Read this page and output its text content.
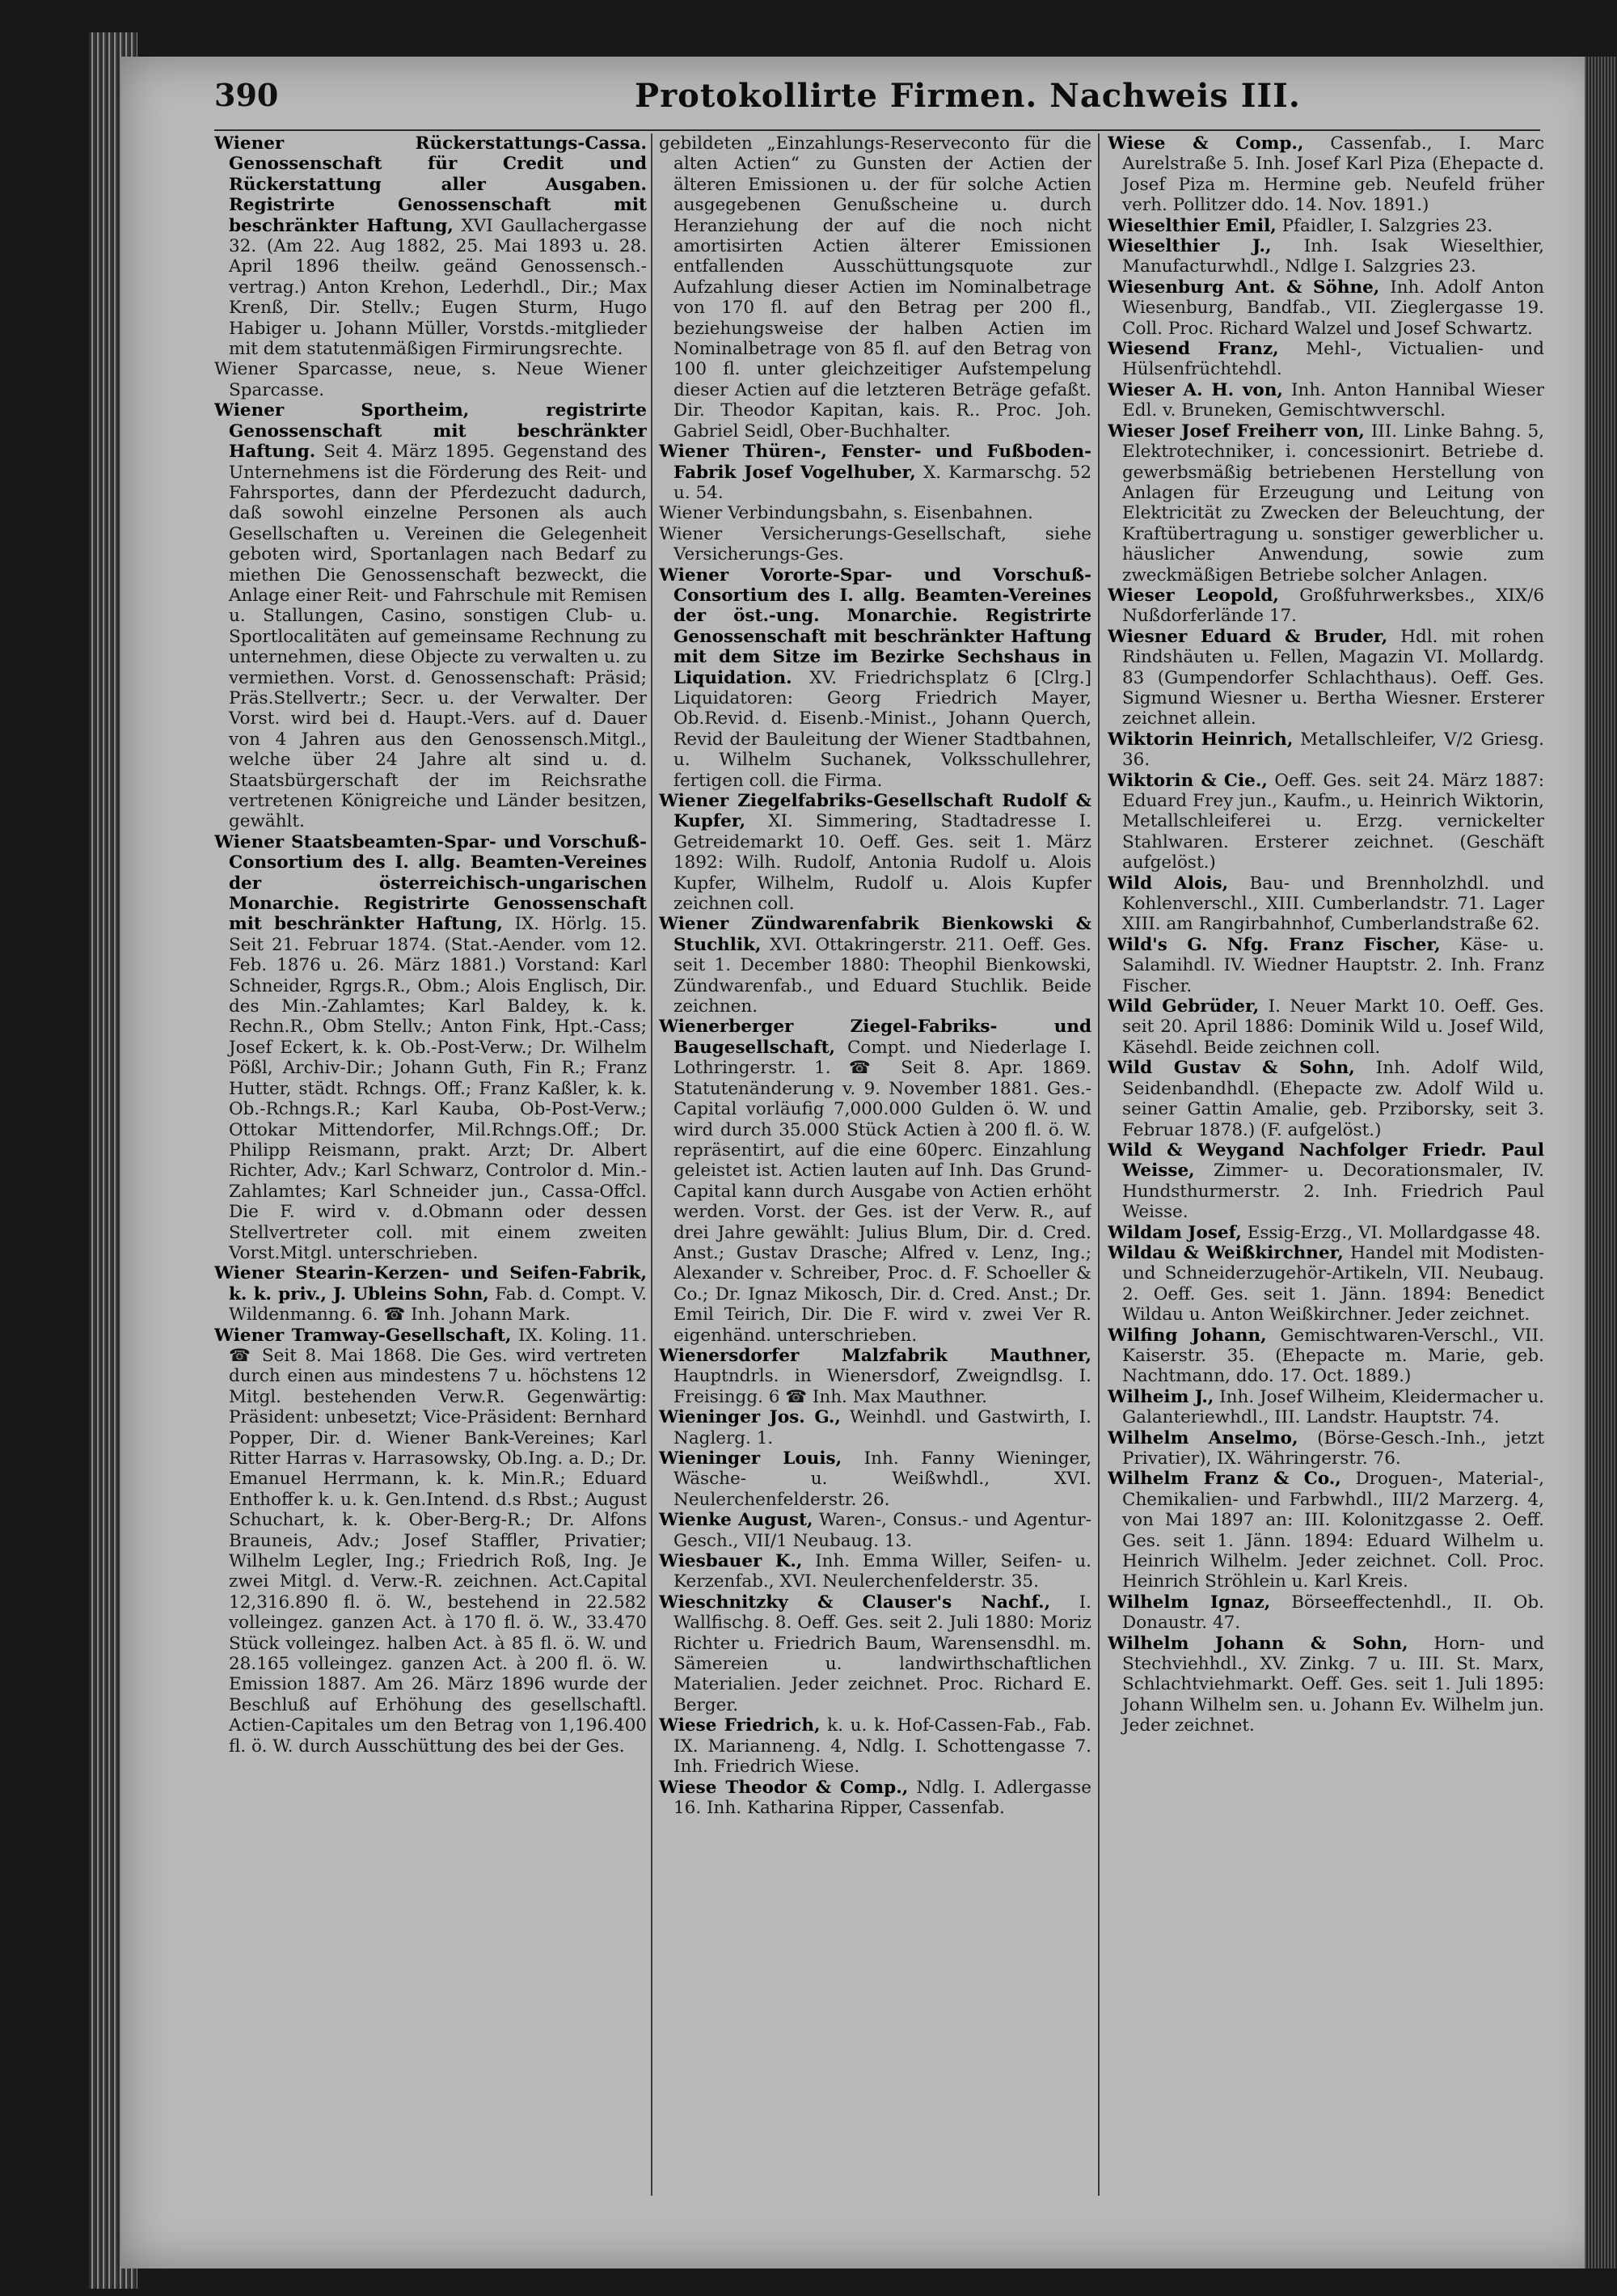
390	Protokollirte Firmen. Nachweis III.

Wiener Rückerstattungs-Cassa. Genossenschaft für Credit und Rückerstattung aller Ausgaben. Registrirte Genossenschaft mit beschränkter Haftung, XVI Gaullachergasse 32. (Am 22. Aug 1882, 25. Mai 1893 u. 28. April 1896 theilw. geänd Genossensch.-vertrag.) Anton Krehon, Lederhdl., Dir.; Max Krenß, Dir. Stellv.; Eugen Sturm, Hugo Habiger u. Johann Müller, Vorstds.-mitglieder mit dem statutenmäßigen Firmirungsrechte.

Wiener Sparcasse, neue, s. Neue Wiener Sparcasse.

Wiener Sportheim, registrirte Genossenschaft mit beschränkter Haftung. Seit 4. März 1895. Gegenstand des Unternehmens ist die Förderung des Reit- und Fahrsportes, dann der Pferdezucht dadurch, daß sowohl einzelne Personen als auch Gesellschaften u. Vereinen die Gelegenheit geboten wird, Sportanlagen nach Bedarf zu miethen Die Genossenschaft bezweckt, die Anlage einer Reit- und Fahrschule mit Remisen u. Stallungen, Casino, sonstigen Club- u. Sportlocalitäten auf gemeinsame Rechnung zu unternehmen, diese Objecte zu verwalten u. zu vermiethen. Vorst. d. Genossenschaft: Präsid; Präs.Stellvertr.; Secr. u. der Verwalter. Der Vorst. wird bei d. Haupt.-Vers. auf d. Dauer von 4 Jahren aus den Genossensch.Mitgl., welche über 24 Jahre alt sind u. d. Staatsbürgerschaft der im Reichsrathe vertretenen Königreiche und Länder besitzen, gewählt.

Wiener Staatsbeamten-Spar- und Vorschuß-Consortium des I. allg. Beamten-Vereines der österreichisch-ungarischen Monarchie. Registrirte Genossenschaft mit beschränkter Haftung, IX. Hörlg. 15. Seit 21. Februar 1874. (Stat.-Aender. vom 12. Feb. 1876 u. 26. März 1881.) Vorstand: Karl Schneider, Rgrgs.R., Obm.; Alois Englisch, Dir. des Min.-Zahlamtes; Karl Baldey, k. k. Rechn.R., Obm Stellv.; Anton Fink, Hpt.-Cass; Josef Eckert, k. k. Ob.-Post-Verw.; Dr. Wilhelm Pößl, Archiv-Dir.; Johann Guth, Fin R.; Franz Hutter, städt. Rchngs. Off.; Franz Kaßler, k. k. Ob.-Rchngs.R.; Karl Kauba, Ob-Post-Verw.; Ottokar Mittendorfer, Mil.Rchngs.Off.; Dr. Philipp Reismann, prakt. Arzt; Dr. Albert Richter, Adv.; Karl Schwarz, Controlor d. Min.-Zahlamtes; Karl Schneider jun., Cassa-Offcl. Die F. wird v. d.Obmann oder dessen Stellvertreter coll. mit einem zweiten Vorst.Mitgl. unterschrieben.

Wiener Stearin-Kerzen- und Seifen-Fabrik, k. k. priv., J. Ubleins Sohn, Fab. d. Compt. V. Wildenmanng. 6. ☎ Inh. Johann Mark.

Wiener Tramway-Gesellschaft, IX. Koling. 11. ☎ Seit 8. Mai 1868. Die Ges. wird vertreten durch einen aus mindestens 7 u. höchstens 12 Mitgl. bestehenden Verw.R. Gegenwärtig: Präsident: unbesetzt; Vice-Präsident: Bernhard Popper, Dir. d. Wiener Bank-Vereines; Karl Ritter Harras v. Harrasowsky, Ob.Ing. a. D.; Dr. Emanuel Herrmann, k. k. Min.R.; Eduard Enthoffer k. u. k. Gen.Intend. d.s Rbst.; August Schuchart, k. k. Ober-Berg-R.; Dr. Alfons Brauneis, Adv.; Josef Staffler, Privatier; Wilhelm Legler, Ing.; Friedrich Roß, Ing. Je zwei Mitgl. d. Verw.-R. zeichnen. Act.Capital 12,316.890 fl. ö. W., bestehend in 22.582 volleingez. ganzen Act. à 170 fl. ö. W., 33.470 Stück volleingez. halben Act. à 85 fl. ö. W. und 28.165 volleingez. ganzen Act. à 200 fl. ö. W. Emission 1887. Am 26. März 1896 wurde der Beschluß auf Erhöhung des gesellschaftl. Actien-Capitales um den Betrag von 1,196.400 fl. ö. W. durch Ausschüttung des bei der Ges.

gebildeten „Einzahlungs-Reserveconto für die alten Actien“ zu Gunsten der Actien der älteren Emissionen u. der für solche Actien ausgegebenen Genußscheine u. durch Heranziehung der auf die noch nicht amortisirten Actien älterer Emissionen entfallenden Ausschüttungsquote zur Aufzahlung dieser Actien im Nominalbetrage von 170 fl. auf den Betrag per 200 fl., beziehungsweise der halben Actien im Nominalbetrage von 85 fl. auf den Betrag von 100 fl. unter gleichzeitiger Aufstempelung dieser Actien auf die letzteren Beträge gefaßt. Dir. Theodor Kapitan, kais. R.. Proc. Joh. Gabriel Seidl, Ober-Buchhalter.

Wiener Thüren-, Fenster- und Fußboden-Fabrik Josef Vogelhuber, X. Karmarschg. 52 u. 54.

Wiener Verbindungsbahn, s. Eisenbahnen.

Wiener Versicherungs-Gesellschaft, siehe Versicherungs-Ges.

Wiener Vororte-Spar- und Vorschuß-Consortium des I. allg. Beamten-Vereines der öst.-ung. Monarchie. Registrirte Genossenschaft mit beschränkter Haftung mit dem Sitze im Bezirke Sechshaus in Liquidation. XV. Friedrichsplatz 6 [Clrg.] Liquidatoren: Georg Friedrich Mayer, Ob.Revid. d. Eisenb.-Minist., Johann Querch, Revid der Bauleitung der Wiener Stadtbahnen, u. Wilhelm Suchanek, Volksschullehrer, fertigen coll. die Firma.

Wiener Ziegelfabriks-Gesellschaft Rudolf & Kupfer, XI. Simmering, Stadtadresse I. Getreidemarkt 10. Oeff. Ges. seit 1. März 1892: Wilh. Rudolf, Antonia Rudolf u. Alois Kupfer, Wilhelm, Rudolf u. Alois Kupfer zeichnen coll.

Wiener Zündwarenfabrik Bienkowski & Stuchlik, XVI. Ottakringerstr. 211. Oeff. Ges. seit 1. December 1880: Theophil Bienkowski, Zündwarenfab., und Eduard Stuchlik. Beide zeichnen.

Wienerberger Ziegel-Fabriks- und Baugesellschaft, Compt. und Niederlage I. Lothringerstr. 1. ☎ Seit 8. Apr. 1869. Statutenänderung v. 9. November 1881. Ges.-Capital vorläufig 7,000.000 Gulden ö. W. und wird durch 35.000 Stück Actien à 200 fl. ö. W. repräsentirt, auf die eine 60perc. Einzahlung geleistet ist. Actien lauten auf Inh. Das Grund-Capital kann durch Ausgabe von Actien erhöht werden. Vorst. der Ges. ist der Verw. R., auf drei Jahre gewählt: Julius Blum, Dir. d. Cred. Anst.; Gustav Drasche; Alfred v. Lenz, Ing.; Alexander v. Schreiber, Proc. d. F. Schoeller & Co.; Dr. Ignaz Mikosch, Dir. d. Cred. Anst.; Dr. Emil Teirich, Dir. Die F. wird v. zwei Ver R. eigenhänd. unterschrieben.

Wienersdorfer Malzfabrik Mauthner, Hauptndrls. in Wienersdorf, Zweigndlsg. I. Freisingg. 6 ☎ Inh. Max Mauthner.

Wieninger Jos. G., Weinhdl. und Gastwirth, I. Naglerg. 1.

Wieninger Louis, Inh. Fanny Wieninger, Wäsche- u. Weißwhdl., XVI. Neulerchenfelderstr. 26.

Wienke August, Waren-, Consus.- und Agentur-Gesch., VII/1 Neubaug. 13.

Wiesbauer K., Inh. Emma Willer, Seifen- u. Kerzenfab., XVI. Neulerchenfelderstr. 35.

Wieschnitzky & Clauser's Nachf., I. Wallfischg. 8. Oeff. Ges. seit 2. Juli 1880: Moriz Richter u. Friedrich Baum, Warensensdhl. m. Sämereien u. landwirthschaftlichen Materialien. Jeder zeichnet. Proc. Richard E. Berger.

Wiese Friedrich, k. u. k. Hof-Cassen-Fab., Fab. IX. Marianneng. 4, Ndlg. I. Schottengasse 7. Inh. Friedrich Wiese.

Wiese Theodor & Comp., Ndlg. I. Adlergasse 16. Inh. Katharina Ripper, Cassenfab.

Wiese & Comp., Cassenfab., I. Marc Aurelstraße 5. Inh. Josef Karl Piza (Ehepacte d. Josef Piza m. Hermine geb. Neufeld früher verh. Pollitzer ddo. 14. Nov. 1891.)

Wieselthier Emil, Pfaidler, I. Salzgries 23.

Wieselthier J., Inh. Isak Wieselthier, Manufacturwhdl., Ndlge I. Salzgries 23.

Wiesenburg Ant. & Söhne, Inh. Adolf Anton Wiesenburg, Bandfab., VII. Zieglergasse 19. Coll. Proc. Richard Walzel und Josef Schwartz.

Wiesend Franz, Mehl-, Victualien- und Hülsenfrüchtehdl.

Wieser A. H. von, Inh. Anton Hannibal Wieser Edl. v. Bruneken, Gemischtwverschl.

Wieser Josef Freiherr von, III. Linke Bahng. 5, Elektrotechniker, i. concessionirt. Betriebe d. gewerbsmäßig betriebenen Herstellung von Anlagen für Erzeugung und Leitung von Elektricität zu Zwecken der Beleuchtung, der Kraftübertragung u. sonstiger gewerblicher u. häuslicher Anwendung, sowie zum zweckmäßigen Betriebe solcher Anlagen.

Wieser Leopold, Großfuhrwerksbes., XIX/6 Nußdorferlände 17.

Wiesner Eduard & Bruder, Hdl. mit rohen Rindshäuten u. Fellen, Magazin VI. Mollardg. 83 (Gumpendorfer Schlachthaus). Oeff. Ges. Sigmund Wiesner u. Bertha Wiesner. Ersterer zeichnet allein.

Wiktorin Heinrich, Metallschleifer, V/2 Griesg. 36.

Wiktorin & Cie., Oeff. Ges. seit 24. März 1887: Eduard Frey jun., Kaufm., u. Heinrich Wiktorin, Metallschleiferei u. Erzg. vernickelter Stahlwaren. Ersterer zeichnet. (Geschäft aufgelöst.)

Wild Alois, Bau- und Brennholzhdl. und Kohlenverschl., XIII. Cumberlandstr. 71. Lager XIII. am Rangirbahnhof, Cumberlandstraße 62.

Wild's G. Nfg. Franz Fischer, Käse- u. Salamihdl. IV. Wiedner Hauptstr. 2. Inh. Franz Fischer.

Wild Gebrüder, I. Neuer Markt 10. Oeff. Ges. seit 20. April 1886: Dominik Wild u. Josef Wild, Käsehdl. Beide zeichnen coll.

Wild Gustav & Sohn, Inh. Adolf Wild, Seidenbandhdl. (Ehepacte zw. Adolf Wild u. seiner Gattin Amalie, geb. Prziborsky, seit 3. Februar 1878.) (F. aufgelöst.)

Wild & Weygand Nachfolger Friedr. Paul Weisse, Zimmer- u. Decorationsmaler, IV. Hundsthurmerstr. 2. Inh. Friedrich Paul Weisse.

Wildam Josef, Essig-Erzg., VI. Mollardgasse 48.

Wildau & Weißkirchner, Handel mit Modisten- und Schneiderzugehör-Artikeln, VII. Neubaug. 2. Oeff. Ges. seit 1. Jänn. 1894: Benedict Wildau u. Anton Weißkirchner. Jeder zeichnet.

Wilfing Johann, Gemischtwaren-Verschl., VII. Kaiserstr. 35. (Ehepacte m. Marie, geb. Nachtmann, ddo. 17. Oct. 1889.)

Wilheim J., Inh. Josef Wilheim, Kleidermacher u. Galanteriewhdl., III. Landstr. Hauptstr. 74.

Wilhelm Anselmo, (Börse-Gesch.-Inh., jetzt Privatier), IX. Währingerstr. 76.

Wilhelm Franz & Co., Droguen-, Material-, Chemikalien- und Farbwhdl., III/2 Marzerg. 4, von Mai 1897 an: III. Kolonitzgasse 2. Oeff. Ges. seit 1. Jänn. 1894: Eduard Wilhelm u. Heinrich Wilhelm. Jeder zeichnet. Coll. Proc. Heinrich Ströhlein u. Karl Kreis.

Wilhelm Ignaz, Börseeffectenhdl., II. Ob. Donaustr. 47.

Wilhelm Johann & Sohn, Horn- und Stechviehhdl., XV. Zinkg. 7 u. III. St. Marx, Schlachtviehmarkt. Oeff. Ges. seit 1. Juli 1895: Johann Wilhelm sen. u. Johann Ev. Wilhelm jun. Jeder zeichnet.
